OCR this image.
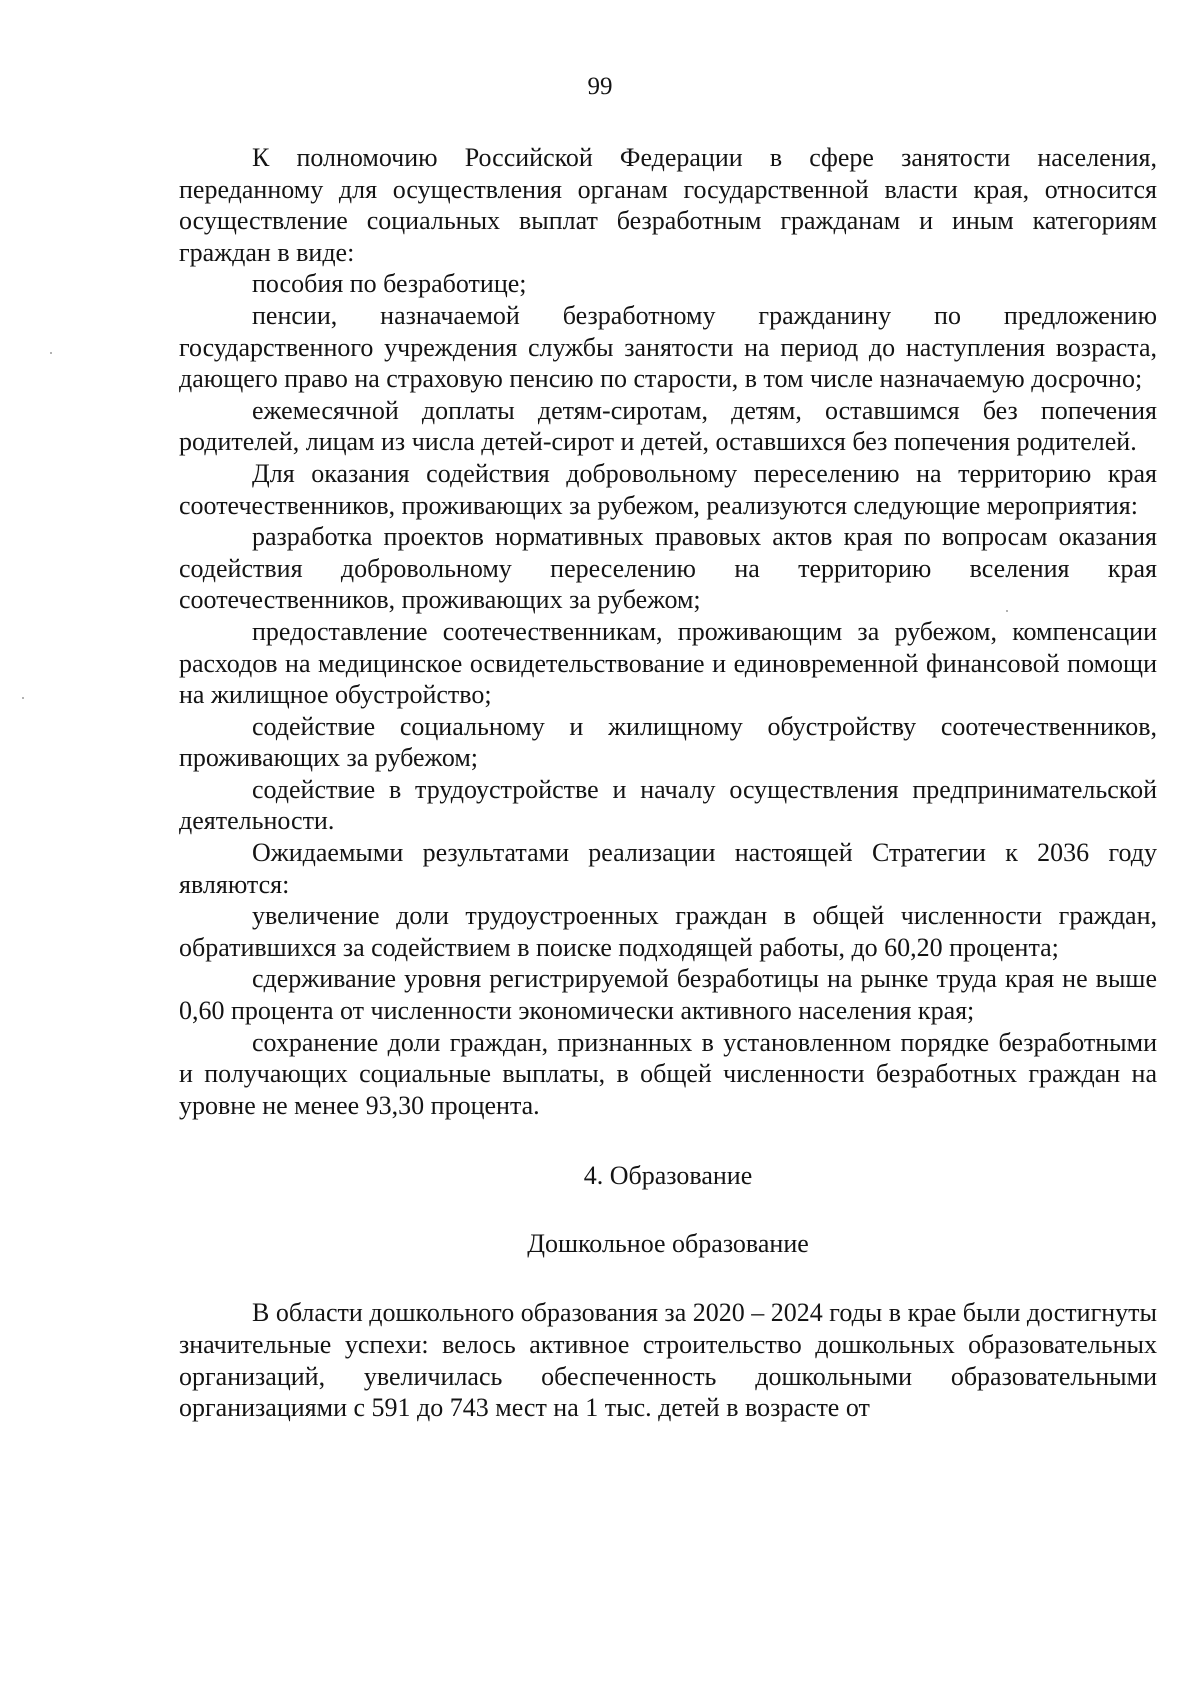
99

К полномочию Российской Федерации в сфере занятости населения, переданному для осуществления органам государственной власти края, относится осуществление социальных выплат безработным гражданам и иным категориям граждан в виде:

пособия по безработице;

пенсии, назначаемой безработному гражданину по предложению государственного учреждения службы занятости на период до наступления возраста, дающего право на страховую пенсию по старости, в том числе назначаемую досрочно;

ежемесячной доплаты детям-сиротам, детям, оставшимся без попечения родителей, лицам из числа детей-сирот и детей, оставшихся без попечения родителей.

Для оказания содействия добровольному переселению на территорию края соотечественников, проживающих за рубежом, реализуются следующие мероприятия:

разработка проектов нормативных правовых актов края по вопросам оказания содействия добровольному переселению на территорию вселения края соотечественников, проживающих за рубежом;

предоставление соотечественникам, проживающим за рубежом, компенсации расходов на медицинское освидетельствование и единовременной финансовой помощи на жилищное обустройство;

содействие социальному и жилищному обустройству соотечественников, проживающих за рубежом;

содействие в трудоустройстве и началу осуществления предпринимательской деятельности.

Ожидаемыми результатами реализации настоящей Стратегии к 2036 году являются:

увеличение доли трудоустроенных граждан в общей численности граждан, обратившихся за содействием в поиске подходящей работы, до 60,20 процента;

сдерживание уровня регистрируемой безработицы на рынке труда края не выше 0,60 процента от численности экономически активного населения края;

сохранение доли граждан, признанных в установленном порядке безработными и получающих социальные выплаты, в общей численности безработных граждан на уровне не менее 93,30 процента.

4. Образование
Дошкольное образование

В области дошкольного образования за 2020 – 2024 годы в крае были достигнуты значительные успехи: велось активное строительство дошкольных образовательных организаций, увеличилась обеспеченность дошкольными образовательными организациями с 591 до 743 мест на 1 тыс. детей в возрасте от
